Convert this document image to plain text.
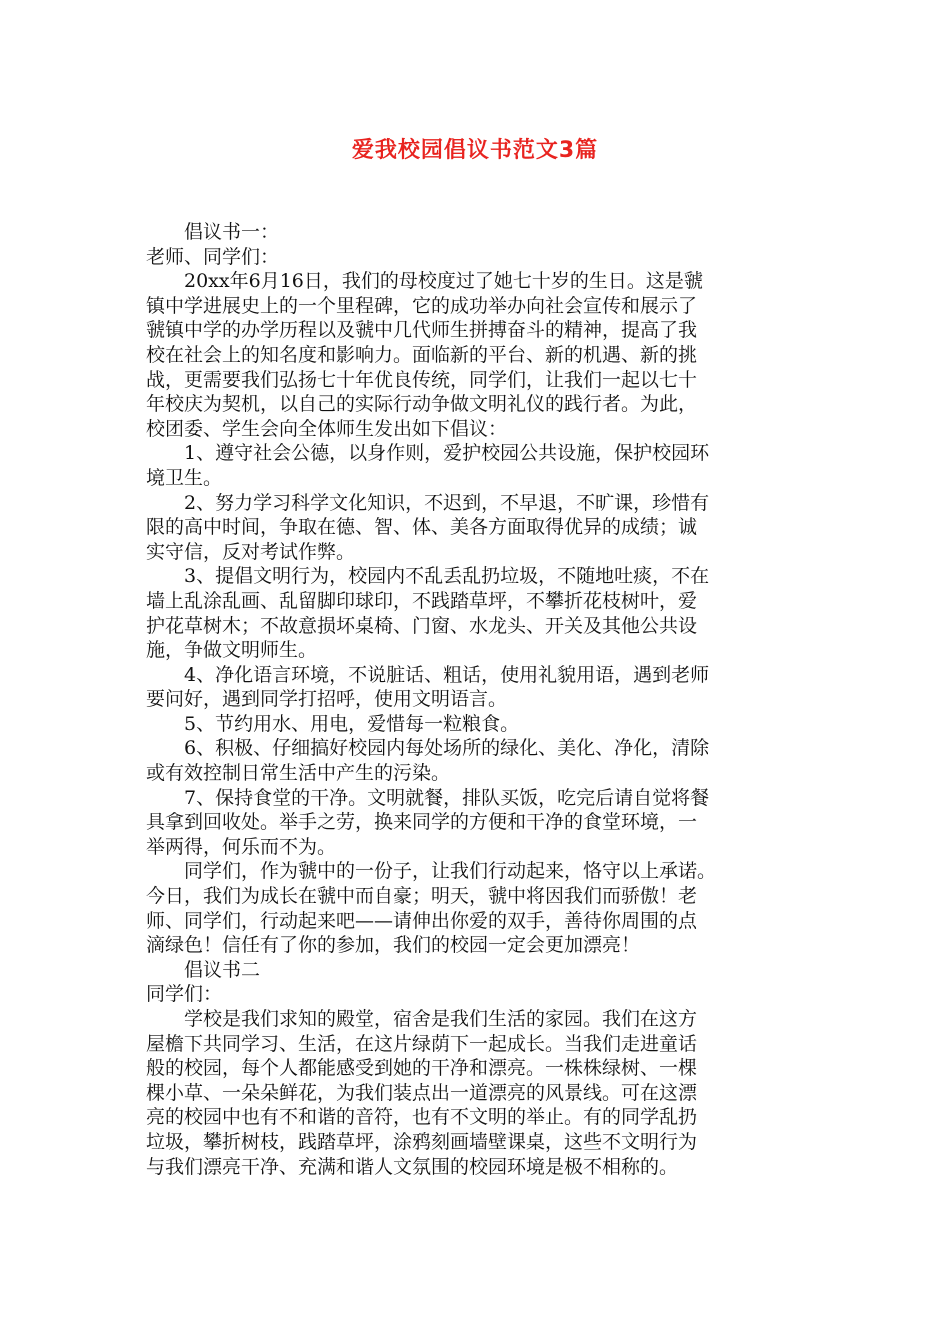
爱我校园倡议书范文3篇
倡议书一：
老师、同学们：
20xx年6月16日，我们的母校度过了她七十岁的生日。这是虢
镇中学进展史上的一个里程碑，它的成功举办向社会宣传和展示了
虢镇中学的办学历程以及虢中几代师生拼搏奋斗的精神，提高了我
校在社会上的知名度和影响力。面临新的平台、新的机遇、新的挑
战，更需要我们弘扬七十年优良传统，同学们，让我们一起以七十
年校庆为契机，以自己的实际行动争做文明礼仪的践行者。为此，
校团委、学生会向全体师生发出如下倡议：
1、遵守社会公德，以身作则，爱护校园公共设施，保护校园环
境卫生。
2、努力学习科学文化知识，不迟到，不早退，不旷课，珍惜有
限的高中时间，争取在德、智、体、美各方面取得优异的成绩；诚
实守信，反对考试作弊。
3、提倡文明行为，校园内不乱丢乱扔垃圾，不随地吐痰，不在
墙上乱涂乱画、乱留脚印球印，不践踏草坪，不攀折花枝树叶，爱
护花草树木；不故意损坏桌椅、门窗、水龙头、开关及其他公共设
施，争做文明师生。
4、净化语言环境，不说脏话、粗话，使用礼貌用语，遇到老师
要问好，遇到同学打招呼，使用文明语言。
5、节约用水、用电，爱惜每一粒粮食。
6、积极、仔细搞好校园内每处场所的绿化、美化、净化，清除
或有效控制日常生活中产生的污染。
7、保持食堂的干净。文明就餐，排队买饭，吃完后请自觉将餐
具拿到回收处。举手之劳，换来同学的方便和干净的食堂环境，一
举两得，何乐而不为。
同学们，作为虢中的一份子，让我们行动起来，恪守以上承诺。
今日，我们为成长在虢中而自豪；明天，虢中将因我们而骄傲！老
师、同学们，行动起来吧——请伸出你爱的双手，善待你周围的点
滴绿色！信任有了你的参加，我们的校园一定会更加漂亮！
倡议书二
同学们：
学校是我们求知的殿堂，宿舍是我们生活的家园。我们在这方
屋檐下共同学习、生活，在这片绿荫下一起成长。当我们走进童话
般的校园，每个人都能感受到她的干净和漂亮。一株株绿树、一棵
棵小草、一朵朵鲜花，为我们装点出一道漂亮的风景线。可在这漂
亮的校园中也有不和谐的音符，也有不文明的举止。有的同学乱扔
垃圾，攀折树枝，践踏草坪，涂鸦刻画墙壁课桌，这些不文明行为
与我们漂亮干净、充满和谐人文氛围的校园环境是极不相称的。
